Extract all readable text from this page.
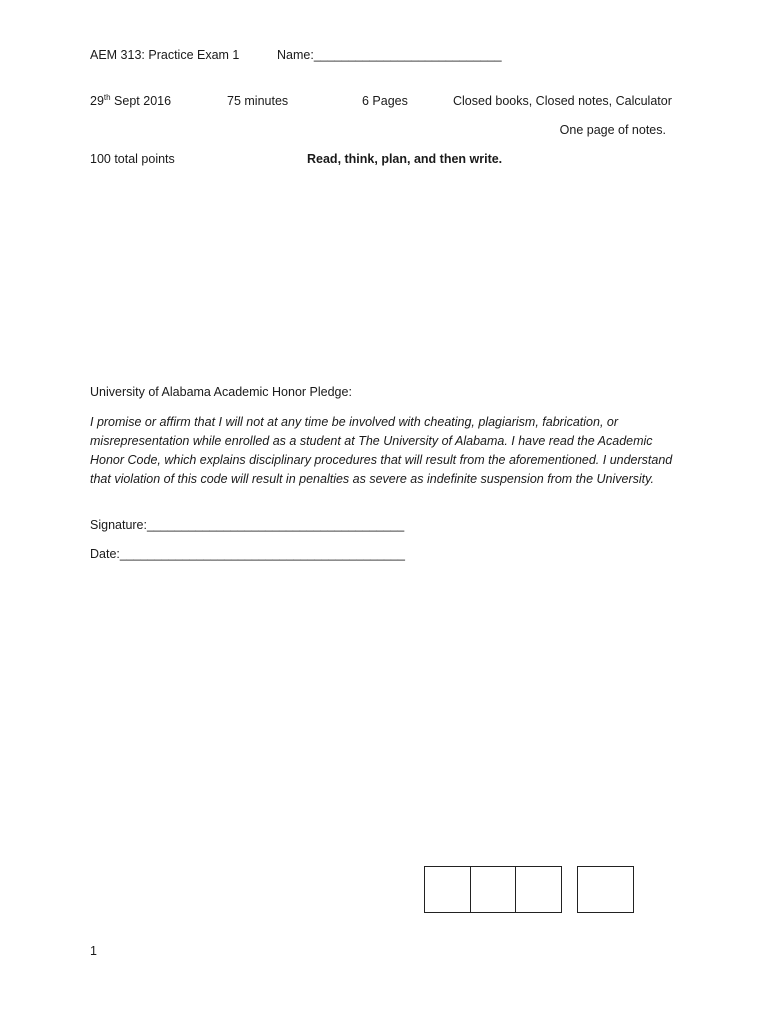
AEM 313: Practice Exam 1	Name:___________________________
29th Sept 2016	75 minutes	6 Pages	Closed books, Closed notes, Calculator
One page of notes.
100 total points	Read, think, plan, and then write.
University of Alabama Academic Honor Pledge:
I promise or affirm that I will not at any time be involved with cheating, plagiarism, fabrication, or misrepresentation while enrolled as a student at The University of Alabama. I have read the Academic Honor Code, which explains disciplinary procedures that will result from the aforementioned. I understand that violation of this code will result in penalties as severe as indefinite suspension from the University.
Signature:_____________________________________
Date:_________________________________________
1
